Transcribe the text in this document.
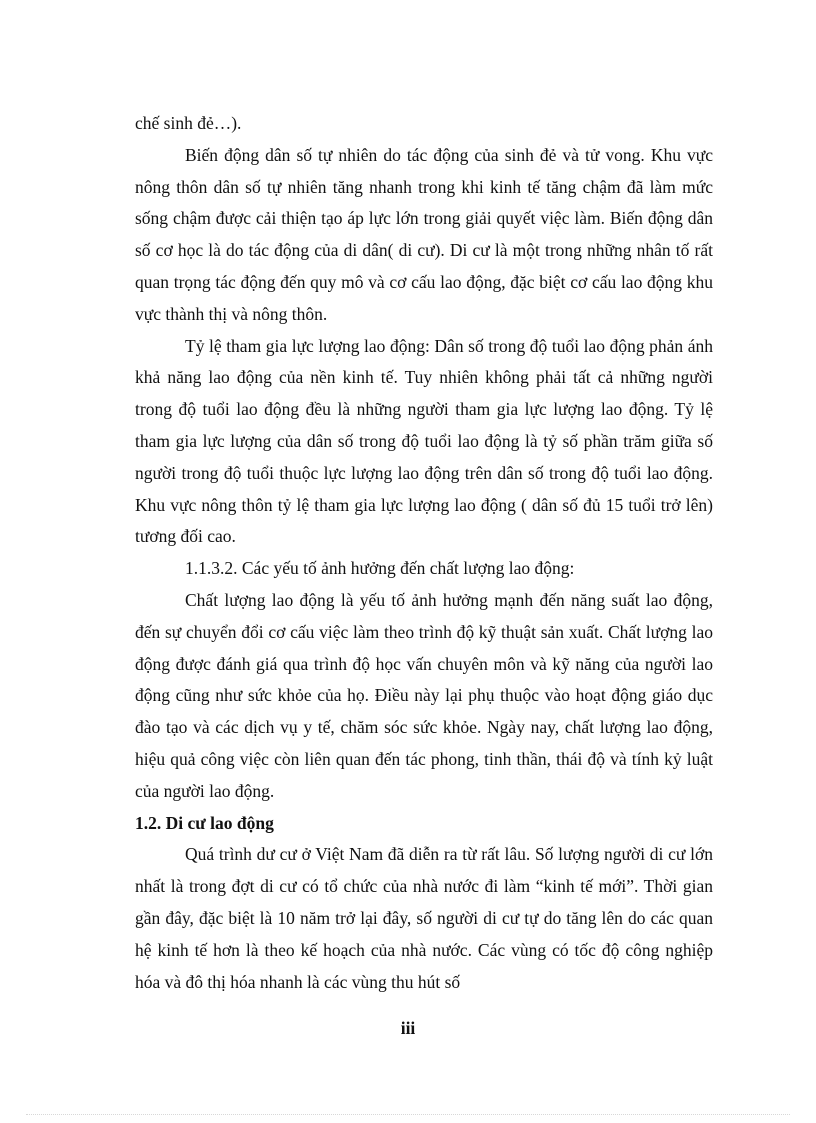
chế sinh đẻ…).

Biến động dân số tự nhiên do tác động của sinh đẻ và tử vong. Khu vực nông thôn dân số tự nhiên tăng nhanh trong khi kinh tế tăng chậm đã làm mức sống chậm được cải thiện tạo áp lực lớn trong giải quyết việc làm. Biến động dân số cơ học là do tác động của di dân( di cư). Di cư là một trong những nhân tố rất quan trọng tác động đến quy mô và cơ cấu lao động, đặc biệt cơ cấu lao động khu vực thành thị và nông thôn.

Tỷ lệ tham gia lực lượng lao động: Dân số trong độ tuổi lao động phản ánh khả năng lao động của nền kinh tế. Tuy nhiên không phải tất cả những người trong độ tuổi lao động đều là những người tham gia lực lượng lao động. Tỷ lệ tham gia lực lượng của dân số trong độ tuổi lao động là tỷ số phần trăm giữa số người trong độ tuổi thuộc lực lượng lao động trên dân số trong độ tuổi lao động. Khu vực nông thôn tỷ lệ tham gia lực lượng lao động ( dân số đủ 15 tuổi trở lên) tương đối cao.

1.1.3.2. Các yếu tố ảnh hưởng đến chất lượng lao động:

Chất lượng lao động là yếu tố ảnh hưởng mạnh đến năng suất lao động, đến sự chuyển đổi cơ cấu việc làm theo trình độ kỹ thuật sản xuất. Chất lượng lao động được đánh giá qua trình độ học vấn chuyên môn và kỹ năng của người lao động cũng như sức khỏe của họ. Điều này lại phụ thuộc vào hoạt động giáo dục đào tạo và các dịch vụ y tế, chăm sóc sức khỏe. Ngày nay, chất lượng lao động, hiệu quả công việc còn liên quan đến tác phong, tinh thần, thái độ và tính kỷ luật của người lao động.

1.2. Di cư lao động

Quá trình dư cư ở Việt Nam đã diễn ra từ rất lâu. Số lượng người di cư lớn nhất là trong đợt di cư có tổ chức của nhà nước đi làm “kinh tế mới”. Thời gian gần đây, đặc biệt là 10 năm trở lại đây, số người di cư tự do tăng lên do các quan hệ kinh tế hơn là theo kế hoạch của nhà nước. Các vùng có tốc độ công nghiệp hóa và đô thị hóa nhanh là các vùng thu hút số

iii
